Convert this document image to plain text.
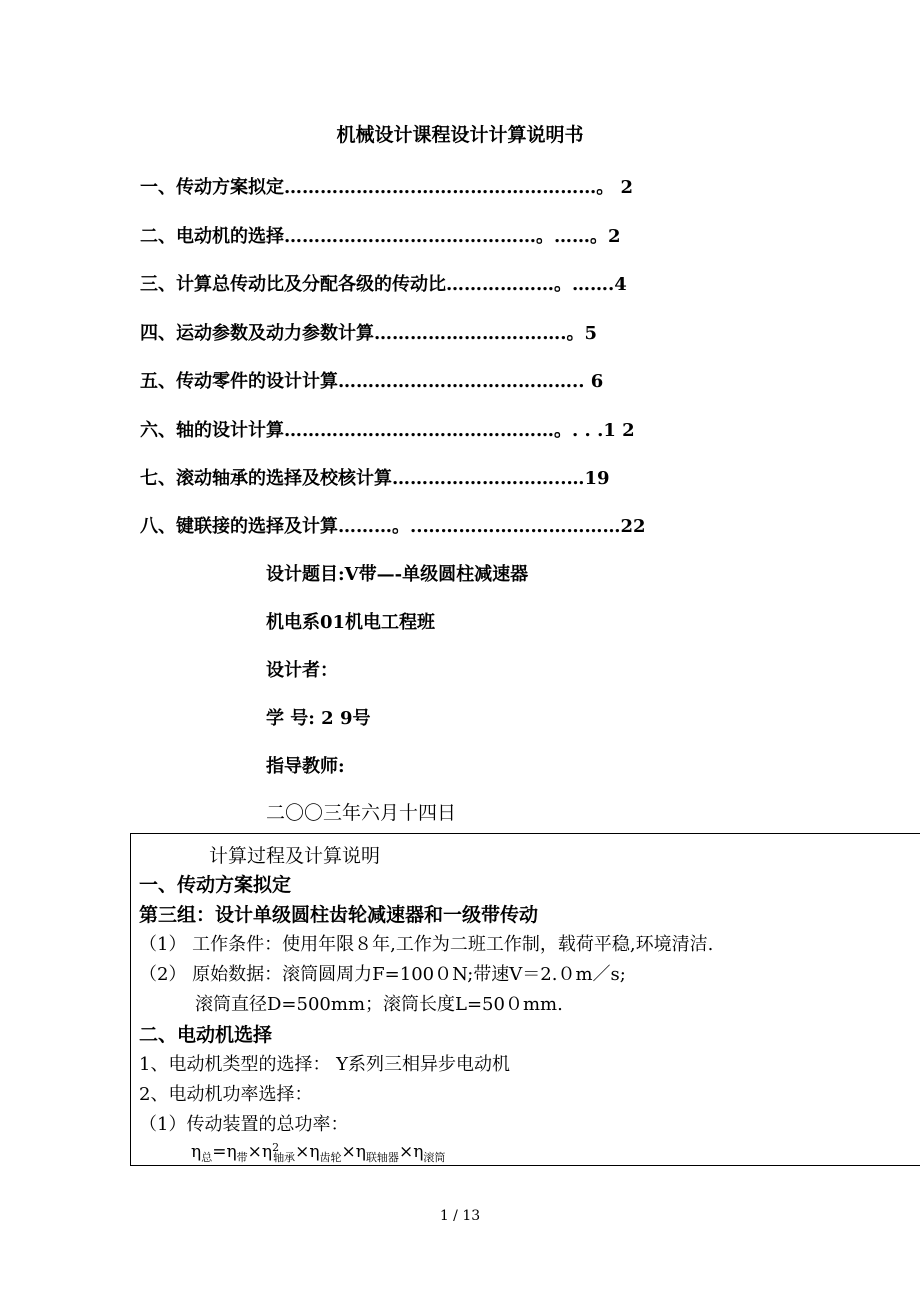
机械设计课程设计计算说明书
一、传动方案拟定………………….…………………………。 2
二、电动机的选择……………………………………。……。2
三、计算总传动比及分配各级的传动比………………。…….4
四、运动参数及动力参数计算…………………….…….。5
五、传动零件的设计计算………………………………….. 6
六、轴的设计计算………………………………………。. . .1 2
七、滚动轴承的选择及校核计算………………………..…19
八、键联接的选择及计算………。..……………………………22
设计题目:V带—-单级圆柱减速器
机电系01机电工程班
设计者：
学 号: 2 9号
指导教师:
二〇〇三年六月十四日
计算过程及计算说明
一、传动方案拟定
第三组：设计单级圆柱齿轮减速器和一级带传动
（1） 工作条件：使用年限８年,工作为二班工作制，载荷平稳,环境清洁.
（2） 原始数据：滚筒圆周力F=100０N;带速V＝2.０m／s;
滚筒直径D=500mm；滚筒长度L=50０mm.
二、电动机选择
1、电动机类型的选择： Y系列三相异步电动机
2、电动机功率选择：
（1）传动装置的总功率：
$\eta_总=\eta_带\times\eta^2_{轴承}\times\eta_{齿轮}\times\eta_{联轴器}\times\eta_{滚筒}$
1 / 13
